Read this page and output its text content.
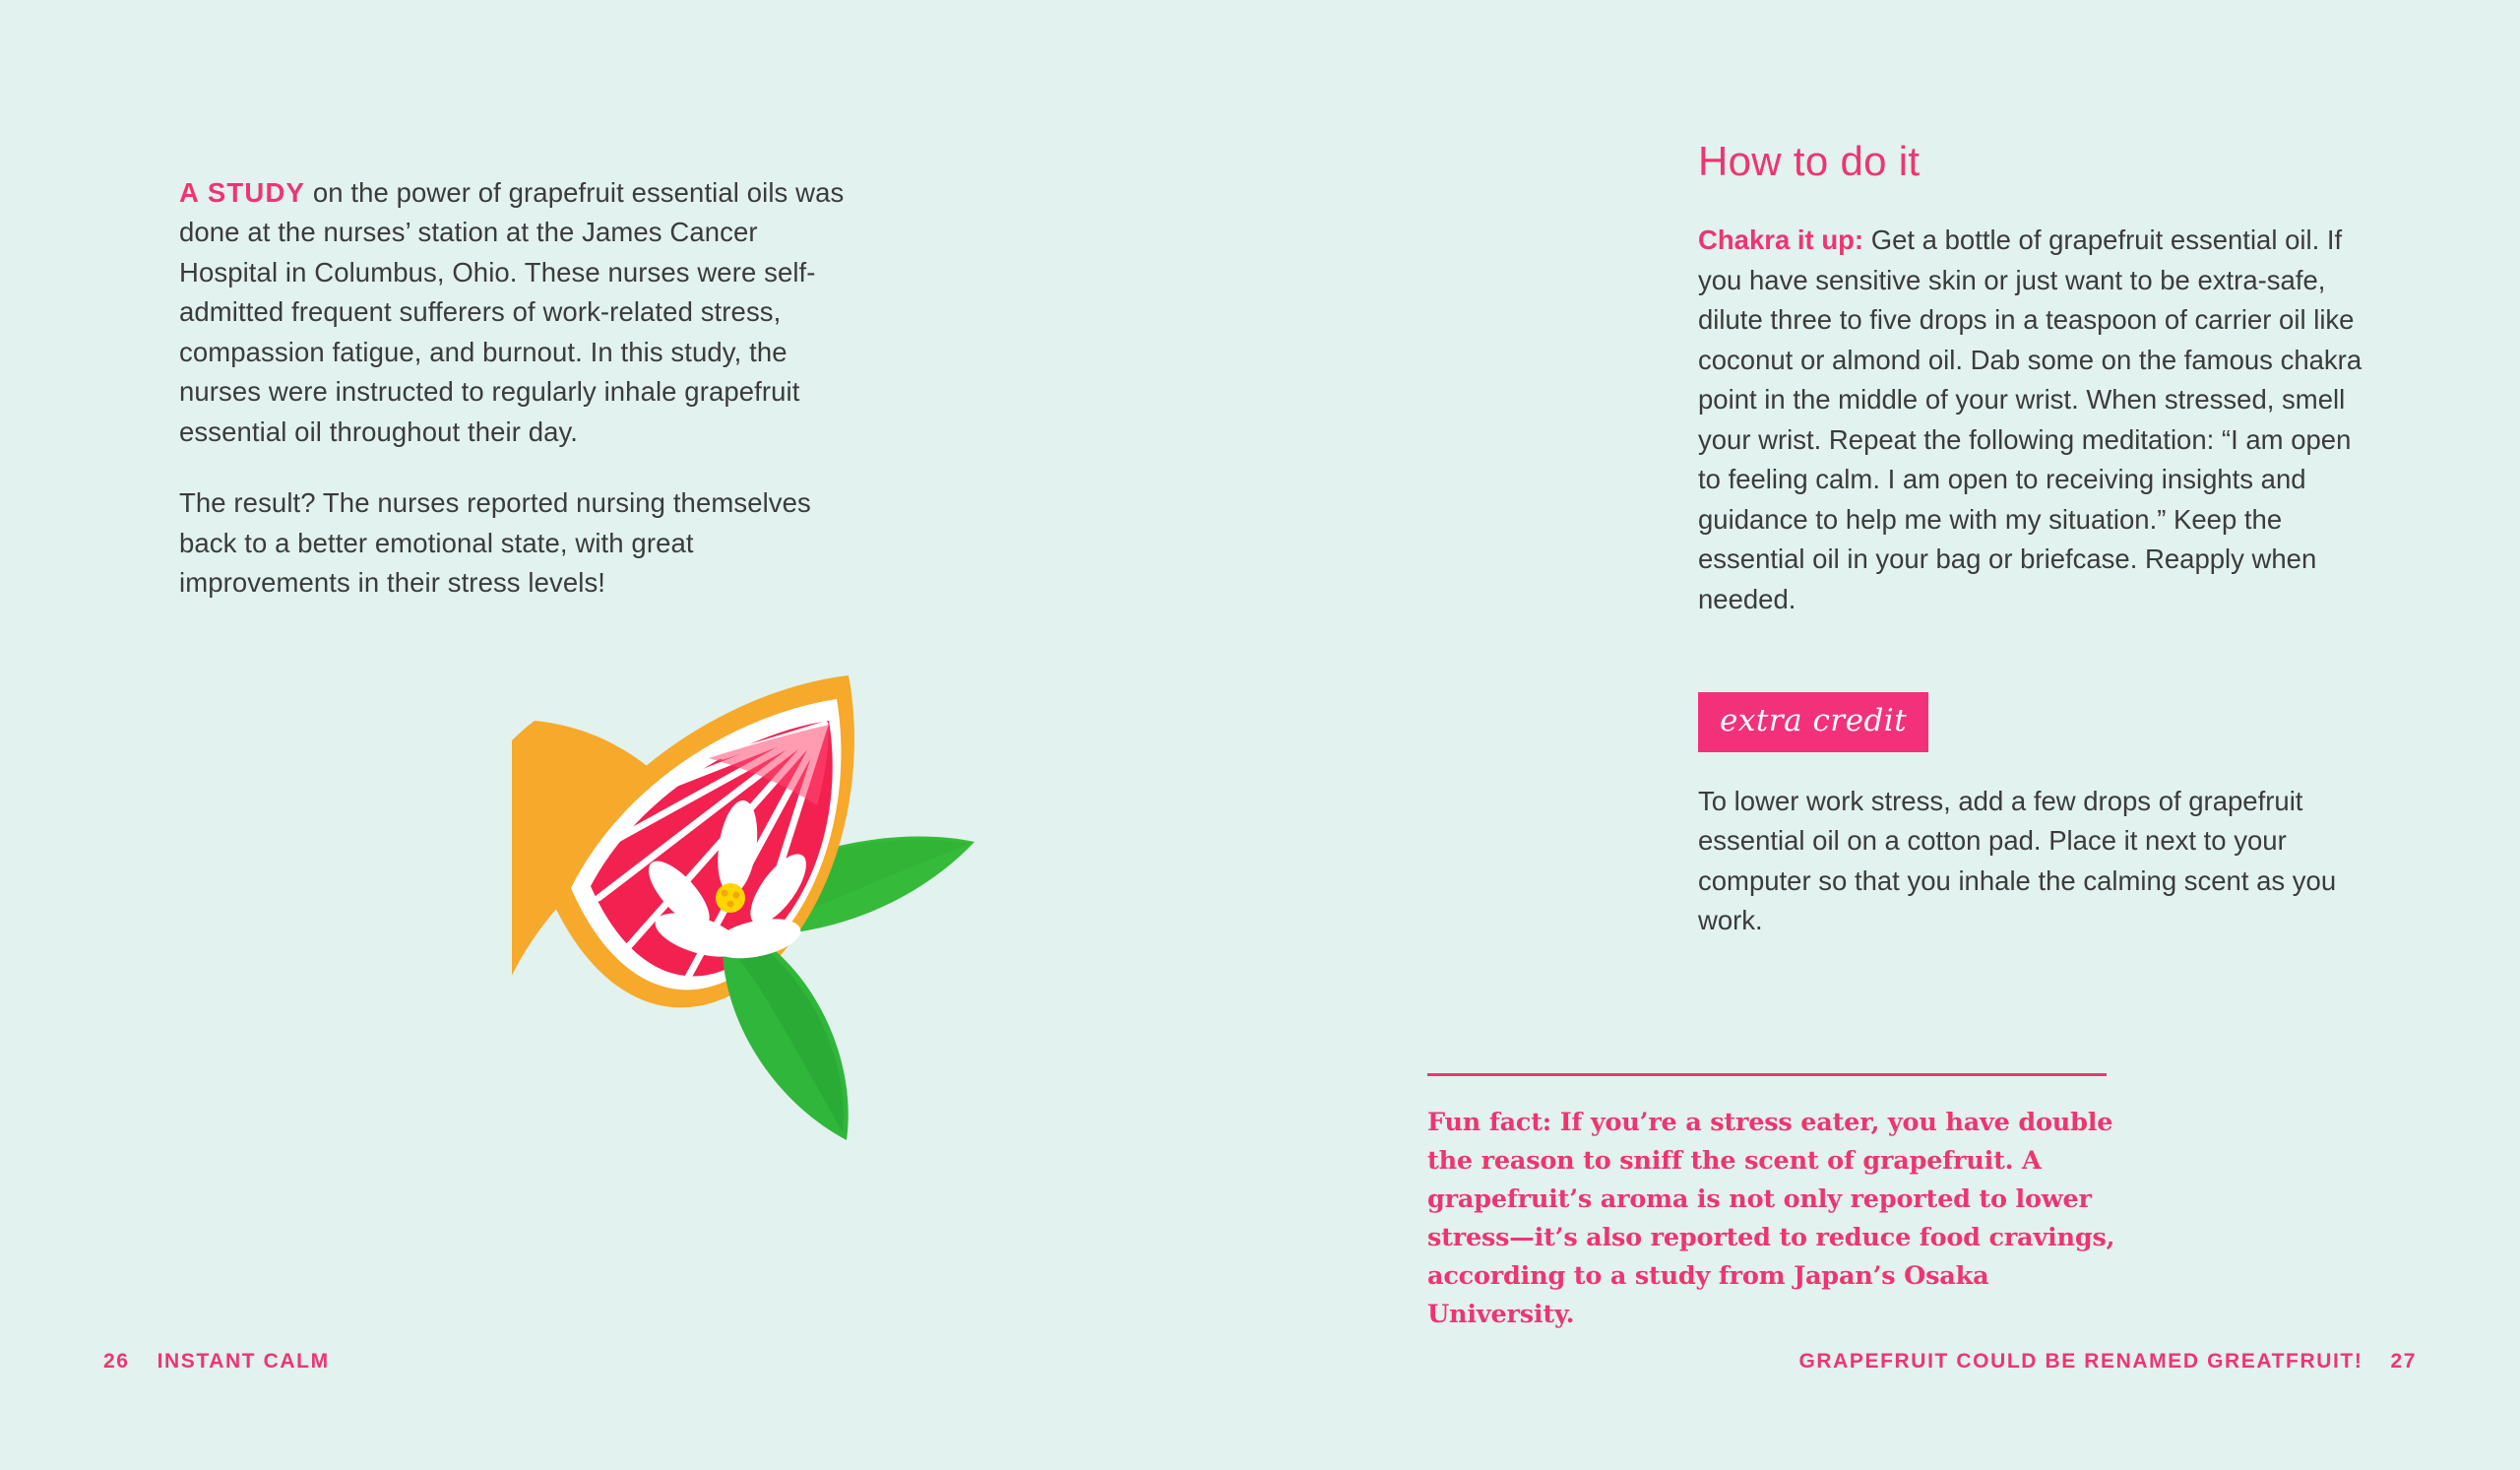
A STUDY on the power of grapefruit essential oils was done at the nurses’ station at the James Cancer Hospital in Columbus, Ohio. These nurses were self-admitted frequent sufferers of work-related stress, compassion fatigue, and burnout. In this study, the nurses were instructed to regularly inhale grapefruit essential oil throughout their day.

The result? The nurses reported nursing themselves back to a better emotional state, with great improvements in their stress levels!

26 INSTANT CALM
How to do it

Chakra it up: Get a bottle of grapefruit essential oil. If you have sensitive skin or just want to be extra-safe, dilute three to five drops in a teaspoon of carrier oil like coconut or almond oil. Dab some on the famous chakra point in the middle of your wrist. When stressed, smell your wrist. Repeat the following meditation: “I am open to feeling calm. I am open to receiving insights and guidance to help me with my situation.” Keep the essential oil in your bag or briefcase. Reapply when needed.

extra credit

To lower work stress, add a few drops of grapefruit essential oil on a cotton pad. Place it next to your computer so that you inhale the calming scent as you work.

Fun fact: If you’re a stress eater, you have double the reason to sniff the scent of grapefruit. A grapefruit’s aroma is not only reported to lower stress—it’s also reported to reduce food cravings, according to a study from Japan’s Osaka University.

GRAPEFRUIT COULD BE RENAMED GREATFRUIT! 27
